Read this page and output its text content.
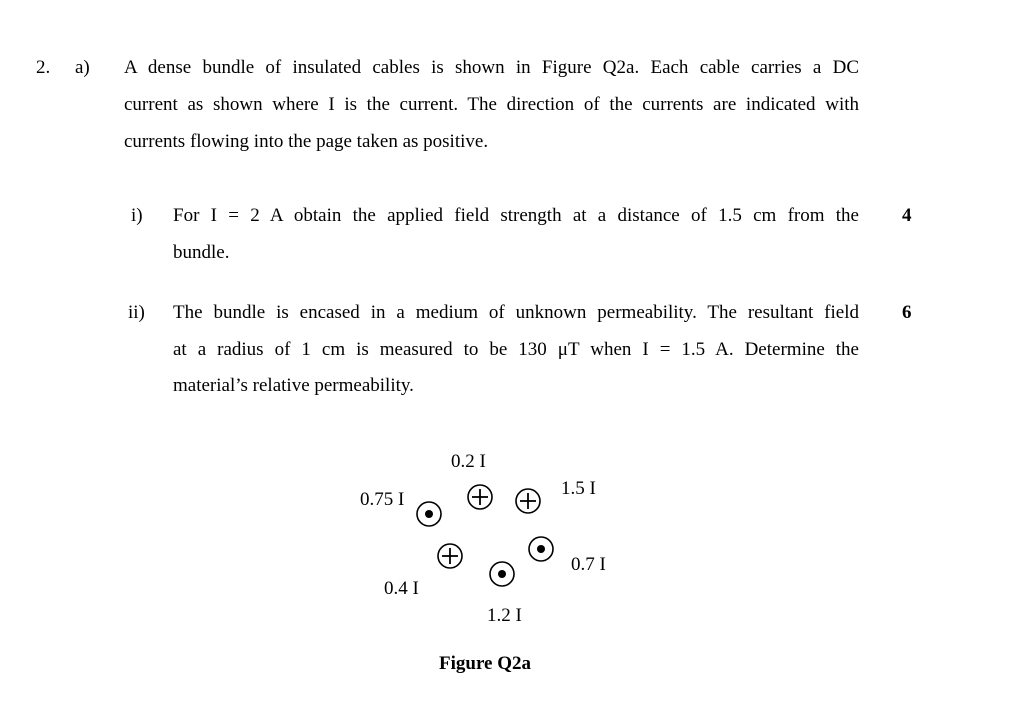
2. a) A dense bundle of insulated cables is shown in Figure Q2a. Each cable carries a DC
current as shown where I is the current. The direction of the currents are indicated with
currents flowing into the page taken as positive.
i) For I = 2 A obtain the applied field strength at a distance of 1.5 cm from the
bundle.
4
ii) The bundle is encased in a medium of unknown permeability. The resultant field
at a radius of 1 cm is measured to be 130 μT when I = 1.5 A. Determine the
material’s relative permeability.
6
0.2 I
1.5 I
0.75 I
0.4 I
1.2 I
0.7 I
Figure Q2a
